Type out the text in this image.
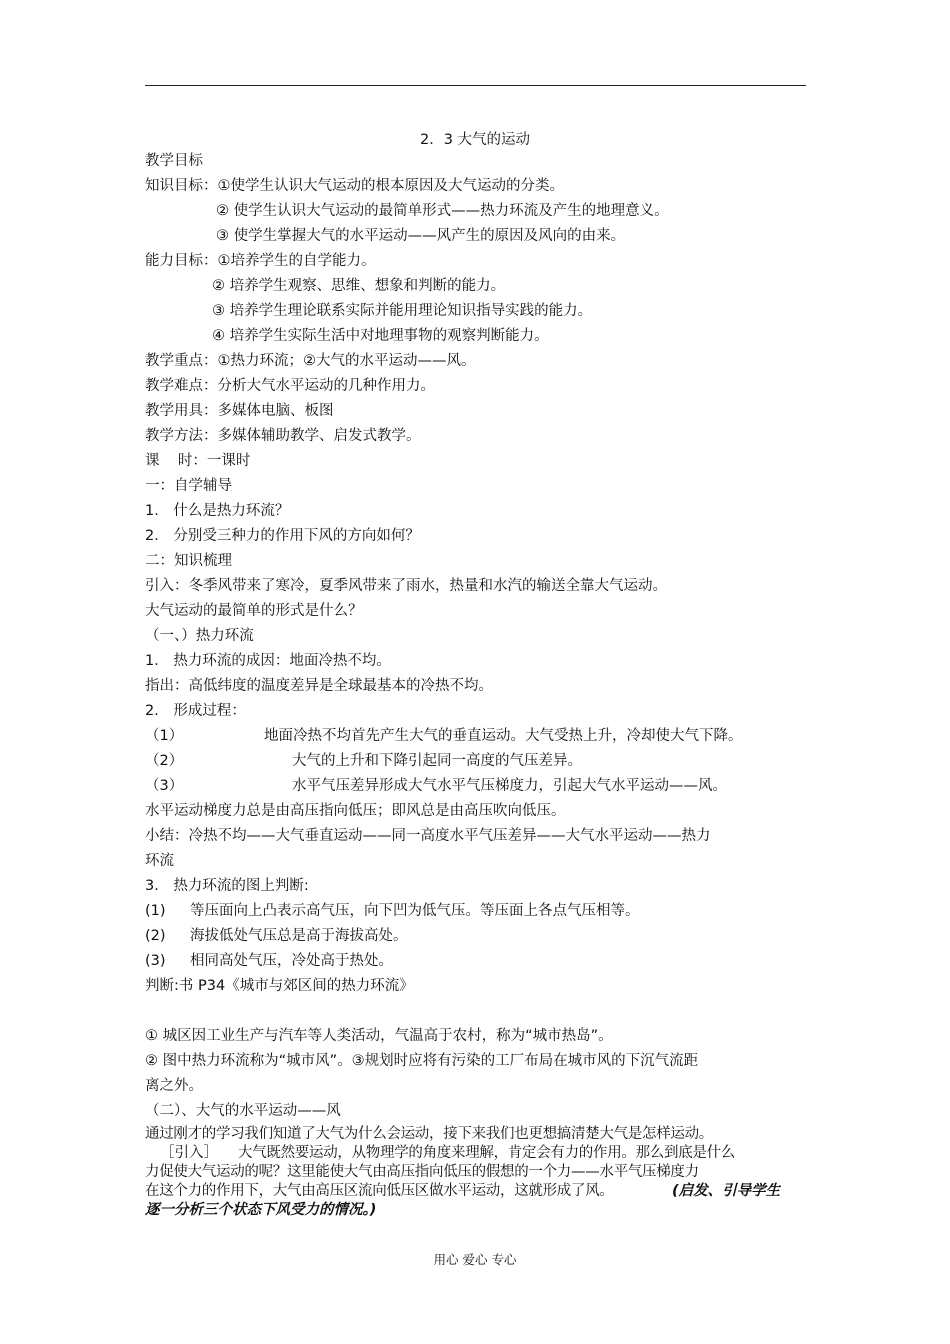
2．3 大气的运动
教学目标
知识目标：①使学生认识大气运动的根本原因及大气运动的分类。
② 使学生认识大气运动的最简单形式——热力环流及产生的地理意义。
③ 使学生掌握大气的水平运动——风产生的原因及风向的由来。
能力目标：①培养学生的自学能力。
② 培养学生观察、思维、想象和判断的能力。
③ 培养学生理论联系实际并能用理论知识指导实践的能力。
④ 培养学生实际生活中对地理事物的观察判断能力。
教学重点：①热力环流；②大气的水平运动——风。
教学难点：分析大气水平运动的几种作用力。
教学用具：多媒体电脑、板图
教学方法：多媒体辅助教学、启发式教学。
课    时：一课时
一：自学辅导
1． 什么是热力环流？
2． 分别受三种力的作用下风的方向如何？
二：知识梳理
引入：冬季风带来了寒冷，夏季风带来了雨水，热量和水汽的输送全靠大气运动。
大气运动的最简单的形式是什么？
（一、）热力环流
1． 热力环流的成因：地面冷热不均。
指出：高低纬度的温度差异是全球最基本的冷热不均。
2． 形成过程：
（1）	地面冷热不均首先产生大气的垂直运动。大气受热上升，冷却使大气下降。
（2）	大气的上升和下降引起同一高度的气压差异。
（3）	水平气压差异形成大气水平气压梯度力，引起大气水平运动——风。
水平运动梯度力总是由高压指向低压；即风总是由高压吹向低压。
小结：冷热不均——大气垂直运动——同一高度水平气压差异——大气水平运动——热力
环流
3． 热力环流的图上判断:
(1) 等压面向上凸表示高气压，向下凹为低气压。等压面上各点气压相等。
(2) 海拔低处气压总是高于海拔高处。
(3) 相同高处气压，冷处高于热处。
判断:书 P34《城市与郊区间的热力环流》
① 城区因工业生产与汽车等人类活动，气温高于农村，称为“城市热岛”。
② 图中热力环流称为“城市风”。③规划时应将有污染的工厂布局在城市风的下沉气流距
离之外。
（二）、大气的水平运动——风
通过刚才的学习我们知道了大气为什么会运动，接下来我们也更想搞清楚大气是怎样运动。
［引入］ 大气既然要运动，从物理学的角度来理解，肯定会有力的作用。那么到底是什么
力促使大气运动的呢？这里能使大气由高压指向低压的假想的一个力——水平气压梯度力
在这个力的作用下，大气由高压区流向低压区做水平运动，这就形成了风。	(启发、引导学生
逐一分析三个状态下风受力的情况。)
用心 爱心 专心
